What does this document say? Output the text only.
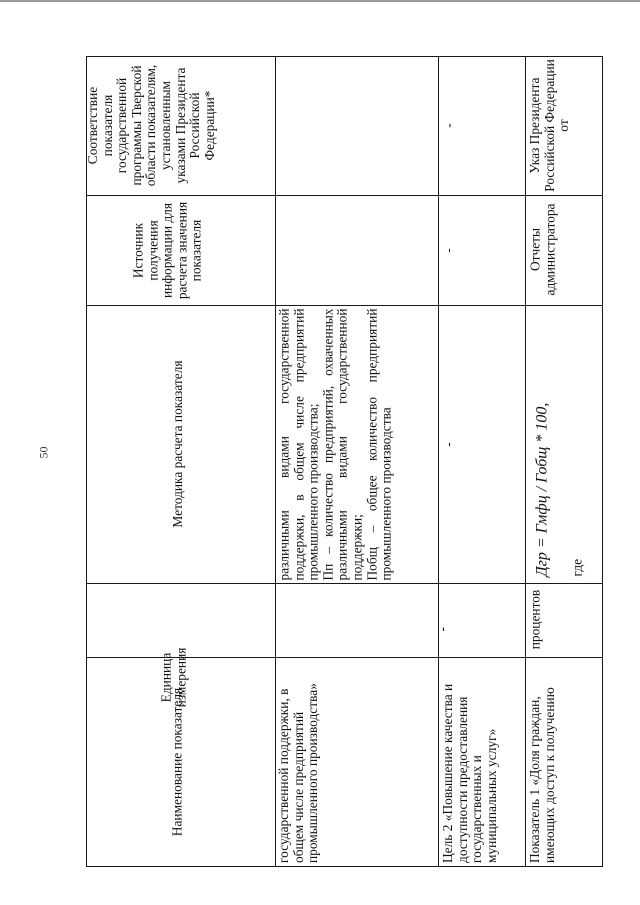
50
Наименование показателя
Единица измерения
Методика расчета показателя
Источник получения информации для расчета значения показателя
Соответствие показателя государственной программы Тверской области показателям, установленным указами Президента Российской Федерации*
государственной поддержки, в общем числе предприятий промышленного производства»
различными видами государственной поддержки, в общем числе предприятий промышленного производства;
Пп – количество предприятий, охваченных различными видами государственной поддержки;
Побщ – общее количество предприятий промышленного производства
Цель 2 «Повышение качества и доступности предоставления государственных и муниципальных услуг»
-
-
-
-
Показатель 1 «Доля граждан, имеющих доступ к получению
процентов
Дгр = Гмфц / Гобщ * 100, где
Отчеты администратора
Указ Президента Российской Федерации от
